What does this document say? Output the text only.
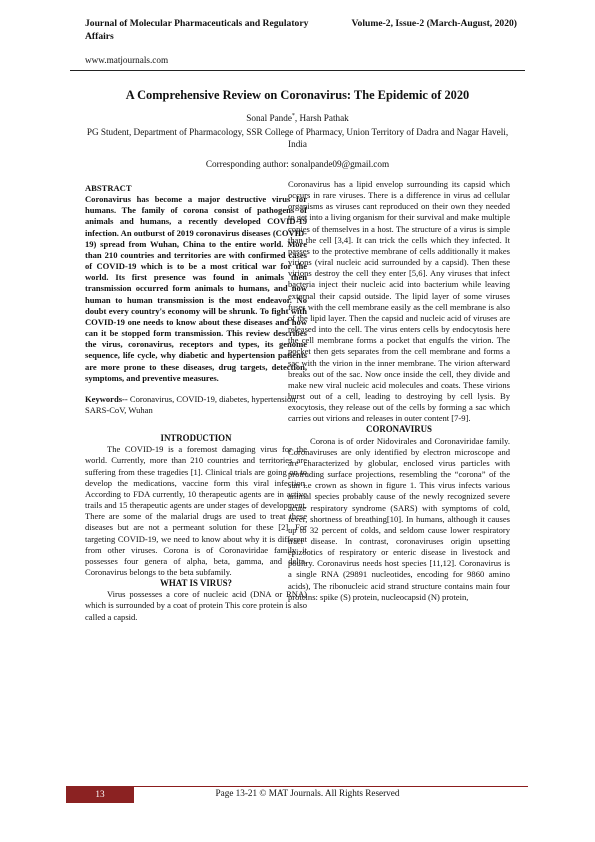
Journal of Molecular Pharmaceuticals and Regulatory Affairs
Volume-2, Issue-2 (March-August, 2020)
www.matjournals.com
A Comprehensive Review on Coronavirus: The Epidemic of 2020
Sonal Pande*, Harsh Pathak
PG Student, Department of Pharmacology, SSR College of Pharmacy, Union Territory of Dadra and Nagar Haveli, India
Corresponding author: sonalpande09@gmail.com

ABSTRACT

Coronavirus has become a major destructive virus for humans. The family of corona consist of pathogens of animals and humans, a recently developed COVID-19 infection. An outburst of 2019 coronavirus diseases (COVID-19) spread from Wuhan, China to the entire world. More than 210 countries and territories are with confirmed cases of COVID-19 which is to be a most critical war for the world. Its first presence was found in animals then transmission occurred form animals to humans, and now human to human transmission is the most endeavor. No doubt every country's economy will be shrunk. To fight with COVID-19 one needs to know about these diseases and how can it be stopped form transmission. This review describes the virus, coronavirus, receptors and types, its genome sequence, life cycle, why diabetic and hypertension patients are more prone to these diseases, drug targets, detection, symptoms, and preventive measures.

Keywords-- Coronavirus, COVID-19, diabetes, hypertension, SARS-CoV, Wuhan

INTRODUCTION

The COVID-19 is a foremost damaging virus for the world. Currently, more than 210 countries and territories are suffering from these tragedies [1]. Clinical trials are going on to develop the medications, vaccine form this viral infection. According to FDA currently, 10 therapeutic agents are in active trails and 15 therapeutic agents are under stages of development. There are some of the malarial drugs are used to treat these diseases but are not a permeant solution for these [2]. For targeting COVID-19, we need to know about why it is different from other viruses. Corona is of Coronaviridae family it possesses four genera of alpha, beta, gamma, and delta. Coronavirus belongs to the beta subfamily.

WHAT IS VIRUS?

Virus possesses a core of nucleic acid (DNA or RNA) which is surrounded by a coat of protein This core protein is also called a capsid.

Coronavirus has a lipid envelop surrounding its capsid which occurs in rare viruses. There is a difference in virus ad cellular organisms as viruses cant reproduced on their own they needed to get into a living organism for their survival and make multiple copies of themselves in a host. The structure of a virus is simple than the cell [3,4]. It can trick the cells which they infected. It passes to the protective membrane of cells additionally it makes virions (viral nucleic acid surrounded by a capsid). Then these virions destroy the cell they enter [5,6]. Any viruses that infect bacteria inject their nucleic acid into bacterium while leaving external their capsid outside. The lipid layer of some viruses fuses with the cell membrane easily as the cell membrane is also of the lipid layer. Then the capsid and nucleic acid of viruses are released into the cell. The virus enters cells by endocytosis here the cell membrane forms a pocket that engulfs the virion. The pocket then gets separates from the cell membrane and forms a sac with the virion in the inner membrane. The virion afterward breaks out of the sac. Now once inside the cell, they divide and make new viral nucleic acid molecules and coats. These virions burst out of a cell, leading to destroying by cell lysis. By exocytosis, they release out of the cells by forming a sac which carries out virions and releases in outer content [7-9].

CORONAVIRUS

Corona is of order Nidovirales and Coronaviridae family. Coronaviruses are only identified by electron microscope and are characterized by globular, enclosed virus particles with protruding surface projections, resembling the “corona” of the sun i.e crown as shown in figure 1. This virus infects various animal species probably cause of the newly recognized severe acute respiratory syndrome (SARS) with symptoms of cold, fever, shortness of breathing[10]. In humans, although it causes up to 32 percent of colds, and seldom cause lower respiratory tract disease. In contrast, coronaviruses origin upsetting epizootics of respiratory or enteric disease in livestock and poultry. Coronavirus needs host species [11,12]. Coronavirus is a single RNA (29891 nucleotides, encoding for 9860 amino acids), The ribonucleic acid strand structure contains main four proteins: spike (S) protein, nucleocapsid (N) protein,

13	Page 13-21 © MAT Journals. All Rights Reserved
